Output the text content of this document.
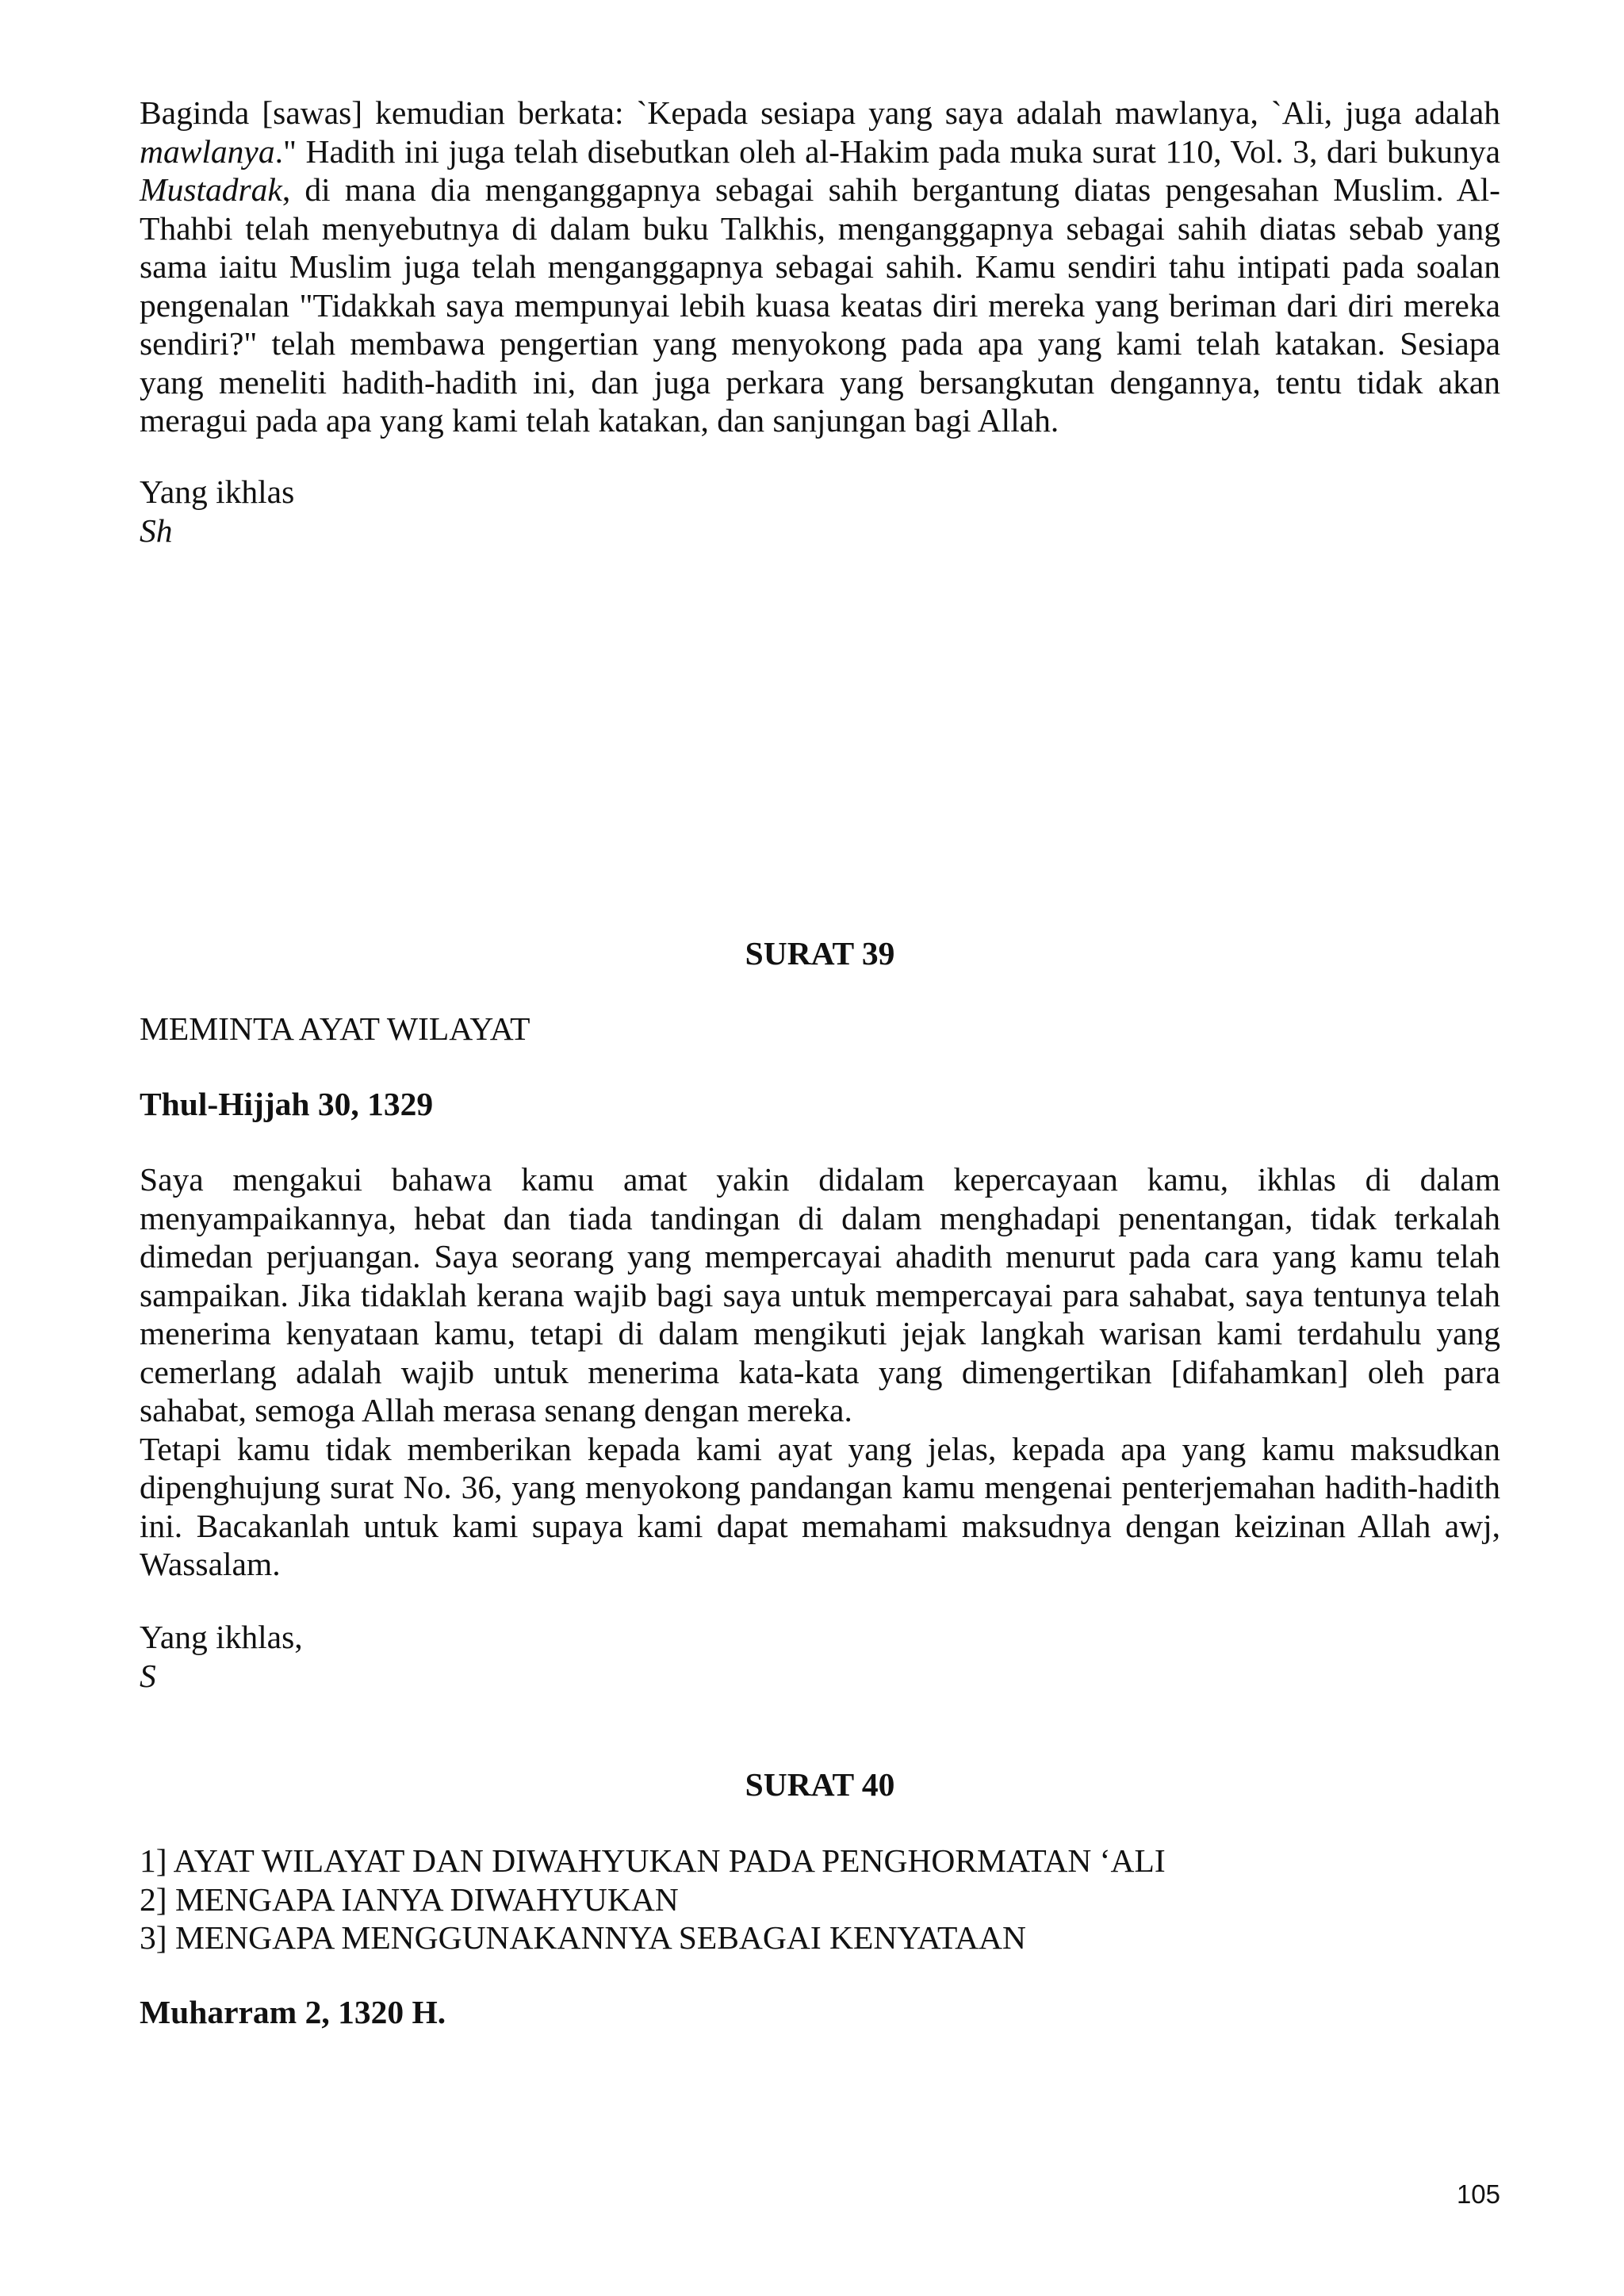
Baginda [sawas] kemudian berkata: `Kepada sesiapa yang saya adalah mawlanya, `Ali, juga adalah
mawlanya." Hadith ini juga telah disebutkan oleh al-Hakim pada muka surat 110, Vol. 3, dari bukunya
Mustadrak, di mana dia menganggapnya sebagai sahih bergantung diatas pengesahan Muslim. Al-
Thahbi telah menyebutnya di dalam buku Talkhis, menganggapnya sebagai sahih diatas sebab yang
sama iaitu Muslim juga telah menganggapnya sebagai sahih. Kamu sendiri tahu intipati pada soalan
pengenalan "Tidakkah saya mempunyai lebih kuasa keatas diri mereka yang beriman dari diri mereka
sendiri?" telah membawa pengertian yang menyokong pada apa yang kami telah katakan. Sesiapa
yang meneliti hadith-hadith ini, dan juga perkara yang bersangkutan dengannya, tentu tidak akan
meragui pada apa yang kami telah katakan, dan sanjungan bagi Allah.
Yang ikhlas
Sh
SURAT 39
MEMINTA AYAT WILAYAT
Thul-Hijjah 30, 1329
Saya mengakui bahawa kamu amat yakin didalam kepercayaan kamu, ikhlas di dalam
menyampaikannya, hebat dan tiada tandingan di dalam menghadapi penentangan, tidak terkalah
dimedan perjuangan. Saya seorang yang mempercayai ahadith menurut pada cara yang kamu telah
sampaikan. Jika tidaklah kerana wajib bagi saya untuk mempercayai para sahabat, saya tentunya telah
menerima kenyataan kamu, tetapi di dalam mengikuti jejak langkah warisan kami terdahulu yang
cemerlang adalah wajib untuk menerima kata-kata yang dimengertikan [difahamkan] oleh para
sahabat, semoga Allah merasa senang dengan mereka.
Tetapi kamu tidak memberikan kepada kami ayat yang jelas, kepada apa yang kamu maksudkan
dipenghujung surat No. 36, yang menyokong pandangan kamu mengenai penterjemahan hadith-hadith
ini. Bacakanlah untuk kami supaya kami dapat memahami maksudnya dengan keizinan Allah awj,
Wassalam.
Yang ikhlas,
S
SURAT 40
1] AYAT WILAYAT DAN DIWAHYUKAN PADA PENGHORMATAN ‘ALI
2] MENGAPA IANYA DIWAHYUKAN
3] MENGAPA MENGGUNAKANNYA SEBAGAI KENYATAAN
Muharram 2, 1320 H.
105
